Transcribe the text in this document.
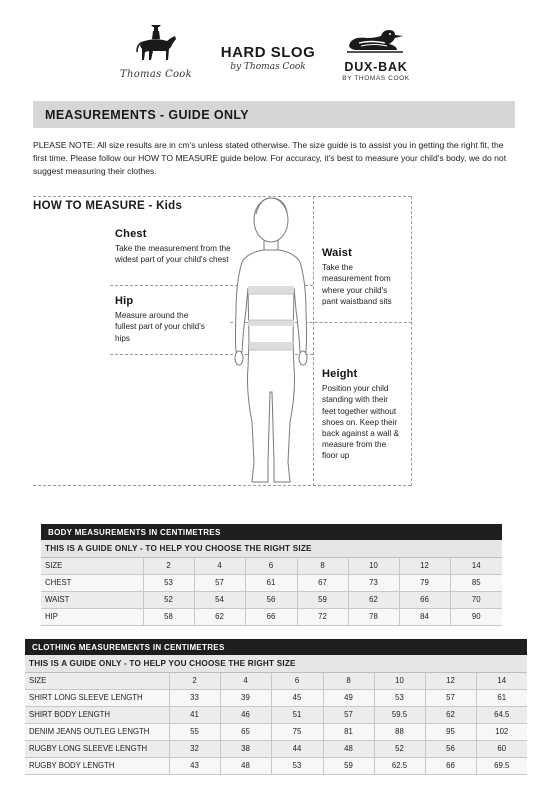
Thomas Cook
HARD SLOG
by Thomas Cook	DUX-BAK
BY THOMAS COOK
MEASUREMENTS - GUIDE ONLY
PLEASE NOTE: All size results are in cm's unless stated otherwise. The size guide is to assist you in getting the right fit, the first time. Please follow our HOW TO MEASURE guide below. For accuracy, it's best to measure your child's body, we do not suggest measuring their clothes.
HOW TO MEASURE - Kids
Chest
Take the measurement from the widest part of your child's chest
Hip
Measure around the fullest part of your child's hips
Waist
Take the measurement from where your child's pant waistband sits
Height
Position your child standing with their feet together without shoes on. Keep their back against a wall & measure from the floor up
BODY MEASUREMENTS IN CENTIMETRES							
THIS IS A GUIDE ONLY - TO HELP YOU CHOOSE THE RIGHT SIZE							
SIZE	2	4	6	8	10	12	14
CHEST	53	57	61	67	73	79	85
WAIST	52	54	56	59	62	66	70
HIP	58	62	66	72	78	84	90
CLOTHING MEASUREMENTS IN CENTIMETRES							
THIS IS A GUIDE ONLY - TO HELP YOU CHOOSE THE RIGHT SIZE							
SIZE	2	4	6	8	10	12	14
SHIRT LONG SLEEVE LENGTH	33	39	45	49	53	57	61
SHIRT BODY LENGTH	41	46	51	57	59.5	62	64.5
DENIM JEANS OUTLEG LENGTH	55	65	75	81	88	95	102
RUGBY LONG SLEEVE LENGTH	32	38	44	48	52	56	60
RUGBY BODY LENGTH	43	48	53	59	62.5	66	69.5
